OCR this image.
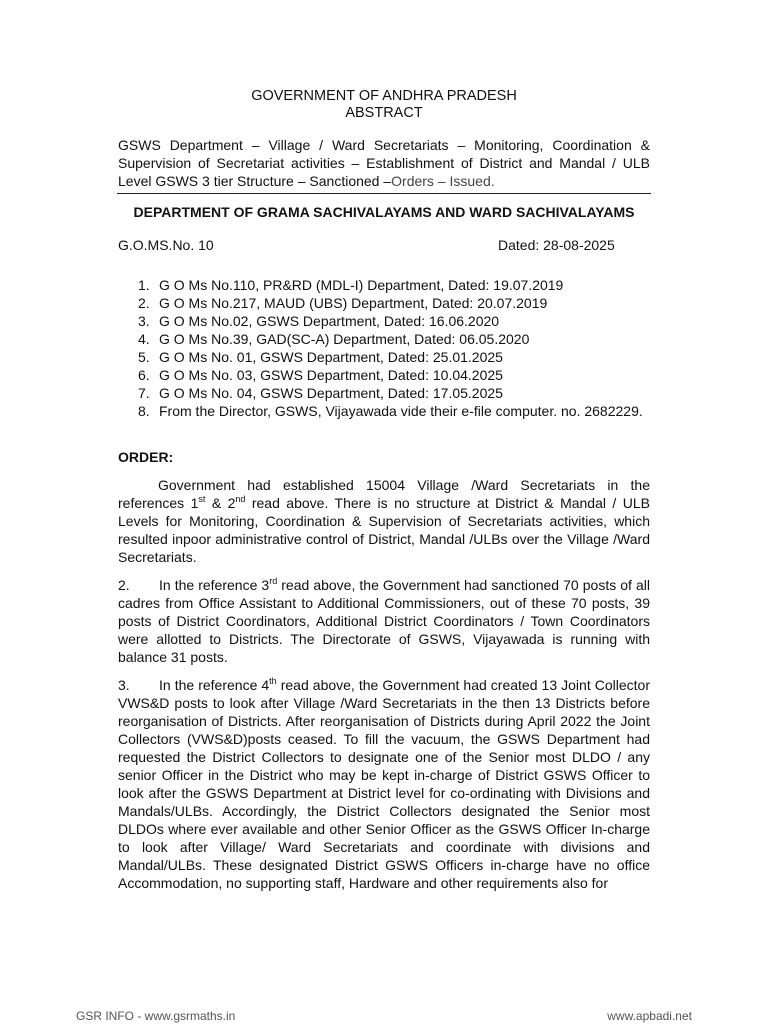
GOVERNMENT OF ANDHRA PRADESH
ABSTRACT
GSWS Department – Village / Ward Secretariats – Monitoring, Coordination & Supervision of Secretariat activities – Establishment of District and Mandal / ULB Level GSWS 3 tier Structure – Sanctioned –Orders – Issued.
DEPARTMENT OF GRAMA SACHIVALAYAMS AND WARD SACHIVALAYAMS
G.O.MS.No. 10	Dated: 28-08-2025
1. G O Ms No.110, PR&RD (MDL-I) Department, Dated: 19.07.2019
2. G O Ms No.217, MAUD (UBS) Department, Dated: 20.07.2019
3. G O Ms No.02, GSWS Department, Dated: 16.06.2020
4. G O Ms No.39, GAD(SC-A) Department, Dated: 06.05.2020
5. G O Ms No. 01, GSWS Department, Dated: 25.01.2025
6. G O Ms No. 03, GSWS Department, Dated: 10.04.2025
7. G O Ms No. 04, GSWS Department, Dated: 17.05.2025
8. From the Director, GSWS, Vijayawada vide their e-file computer. no. 2682229.
ORDER:

Government had established 15004 Village /Ward Secretariats in the references 1st & 2nd read above. There is no structure at District & Mandal / ULB Levels for Monitoring, Coordination & Supervision of Secretariats activities, which resulted inpoor administrative control of District, Mandal /ULBs over the Village /Ward Secretariats.

2. In the reference 3rd read above, the Government had sanctioned 70 posts of all cadres from Office Assistant to Additional Commissioners, out of these 70 posts, 39 posts of District Coordinators, Additional District Coordinators / Town Coordinators were allotted to Districts. The Directorate of GSWS, Vijayawada is running with balance 31 posts.

3. In the reference 4th read above, the Government had created 13 Joint Collector VWS&D posts to look after Village /Ward Secretariats in the then 13 Districts before reorganisation of Districts. After reorganisation of Districts during April 2022 the Joint Collectors (VWS&D)posts ceased. To fill the vacuum, the GSWS Department had requested the District Collectors to designate one of the Senior most DLDO / any senior Officer in the District who may be kept in-charge of District GSWS Officer to look after the GSWS Department at District level for co-ordinating with Divisions and Mandals/ULBs. Accordingly, the District Collectors designated the Senior most DLDOs where ever available and other Senior Officer as the GSWS Officer In-charge to look after Village/ Ward Secretariats and coordinate with divisions and Mandal/ULBs. These designated District GSWS Officers in-charge have no office Accommodation, no supporting staff, Hardware and other requirements also for

GSR INFO - www.gsrmaths.in	www.apbadi.net
